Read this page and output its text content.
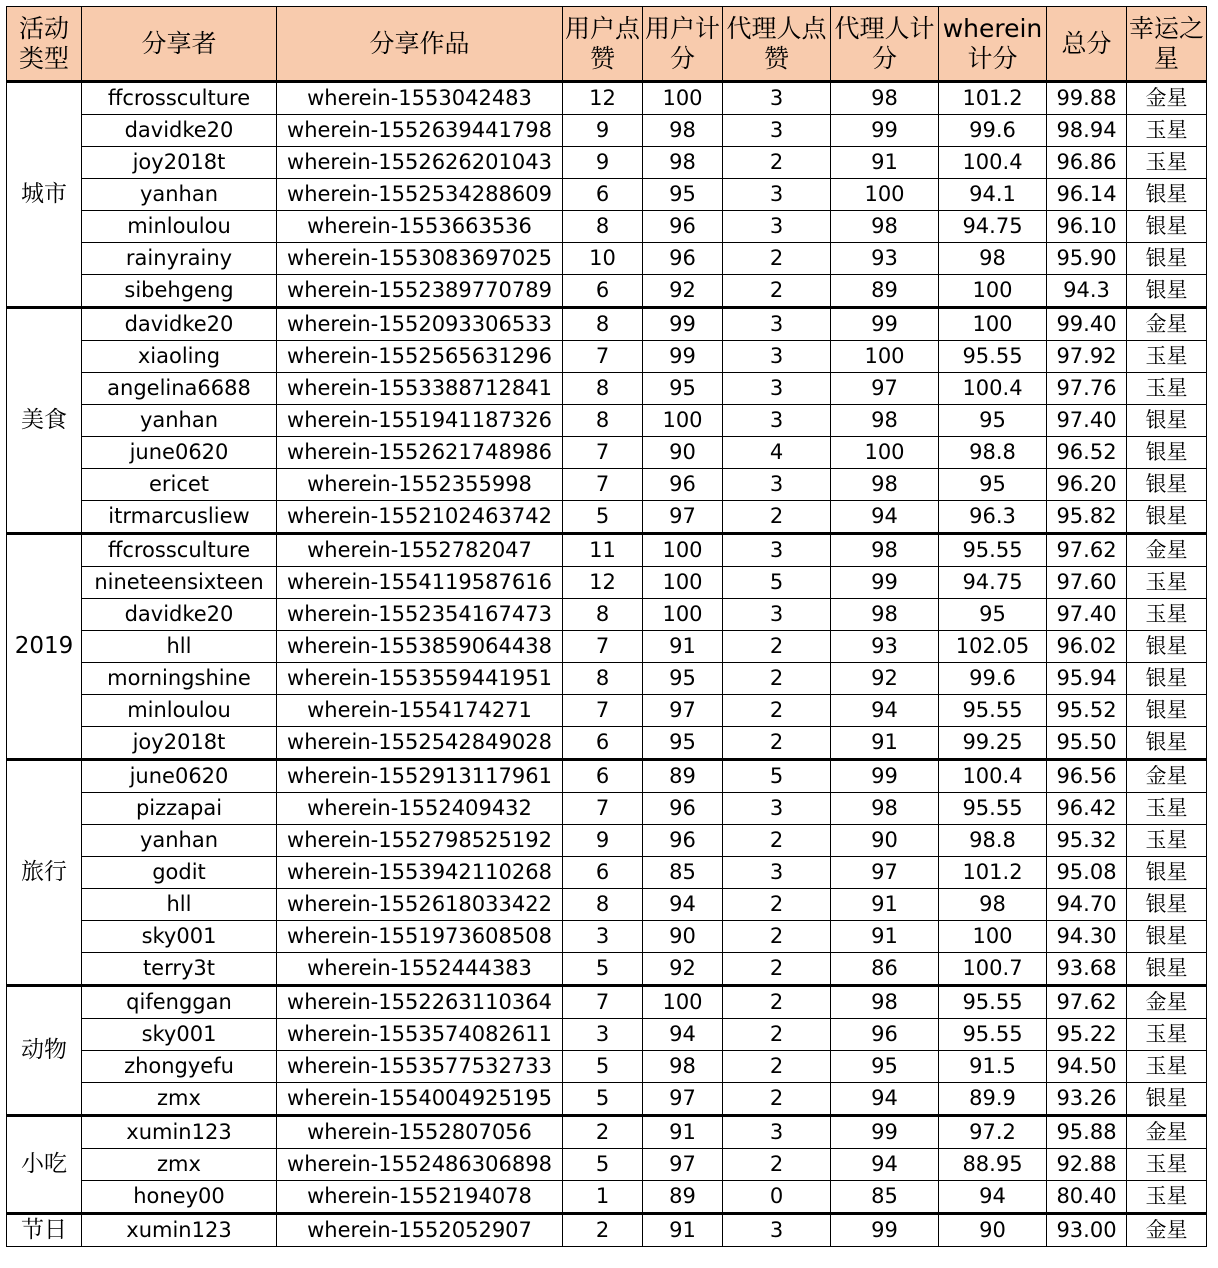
活动类型	分享者	分享作品	用户点赞	用户计分	代理人点赞	代理人计分	wherein计分	总分	幸运之星
城市	ffcrossculture	wherein-1553042483	12	100	3	98	101.2	99.88	金星
	davidke20	wherein-1552639441798	9	98	3	99	99.6	98.94	玉星
	joy2018t	wherein-1552626201043	9	98	2	91	100.4	96.86	玉星
	yanhan	wherein-1552534288609	6	95	3	100	94.1	96.14	银星
	minloulou	wherein-1553663536	8	96	3	98	94.75	96.10	银星
	rainyrainy	wherein-1553083697025	10	96	2	93	98	95.90	银星
	sibehgeng	wherein-1552389770789	6	92	2	89	100	94.3	银星
美食	davidke20	wherein-1552093306533	8	99	3	99	100	99.40	金星
	xiaoling	wherein-1552565631296	7	99	3	100	95.55	97.92	玉星
	angelina6688	wherein-1553388712841	8	95	3	97	100.4	97.76	玉星
	yanhan	wherein-1551941187326	8	100	3	98	95	97.40	银星
	june0620	wherein-1552621748986	7	90	4	100	98.8	96.52	银星
	ericet	wherein-1552355998	7	96	3	98	95	96.20	银星
	itrmarcusliew	wherein-1552102463742	5	97	2	94	96.3	95.82	银星
2019	ffcrossculture	wherein-1552782047	11	100	3	98	95.55	97.62	金星
	nineteensixteen	wherein-1554119587616	12	100	5	99	94.75	97.60	玉星
	davidke20	wherein-1552354167473	8	100	3	98	95	97.40	玉星
	hll	wherein-1553859064438	7	91	2	93	102.05	96.02	银星
	morningshine	wherein-1553559441951	8	95	2	92	99.6	95.94	银星
	minloulou	wherein-1554174271	7	97	2	94	95.55	95.52	银星
	joy2018t	wherein-1552542849028	6	95	2	91	99.25	95.50	银星
旅行	june0620	wherein-1552913117961	6	89	5	99	100.4	96.56	金星
	pizzapai	wherein-1552409432	7	96	3	98	95.55	96.42	玉星
	yanhan	wherein-1552798525192	9	96	2	90	98.8	95.32	玉星
	godit	wherein-1553942110268	6	85	3	97	101.2	95.08	银星
	hll	wherein-1552618033422	8	94	2	91	98	94.70	银星
	sky001	wherein-1551973608508	3	90	2	91	100	94.30	银星
	terry3t	wherein-1552444383	5	92	2	86	100.7	93.68	银星
动物	qifenggan	wherein-1552263110364	7	100	2	98	95.55	97.62	金星
	sky001	wherein-1553574082611	3	94	2	96	95.55	95.22	玉星
	zhongyefu	wherein-1553577532733	5	98	2	95	91.5	94.50	玉星
	zmx	wherein-1554004925195	5	97	2	94	89.9	93.26	银星
小吃	xumin123	wherein-1552807056	2	91	3	99	97.2	95.88	金星
	zmx	wherein-1552486306898	5	97	2	94	88.95	92.88	玉星
	honey00	wherein-1552194078	1	89	0	85	94	80.40	玉星
节日	xumin123	wherein-1552052907	2	91	3	99	90	93.00	金星
